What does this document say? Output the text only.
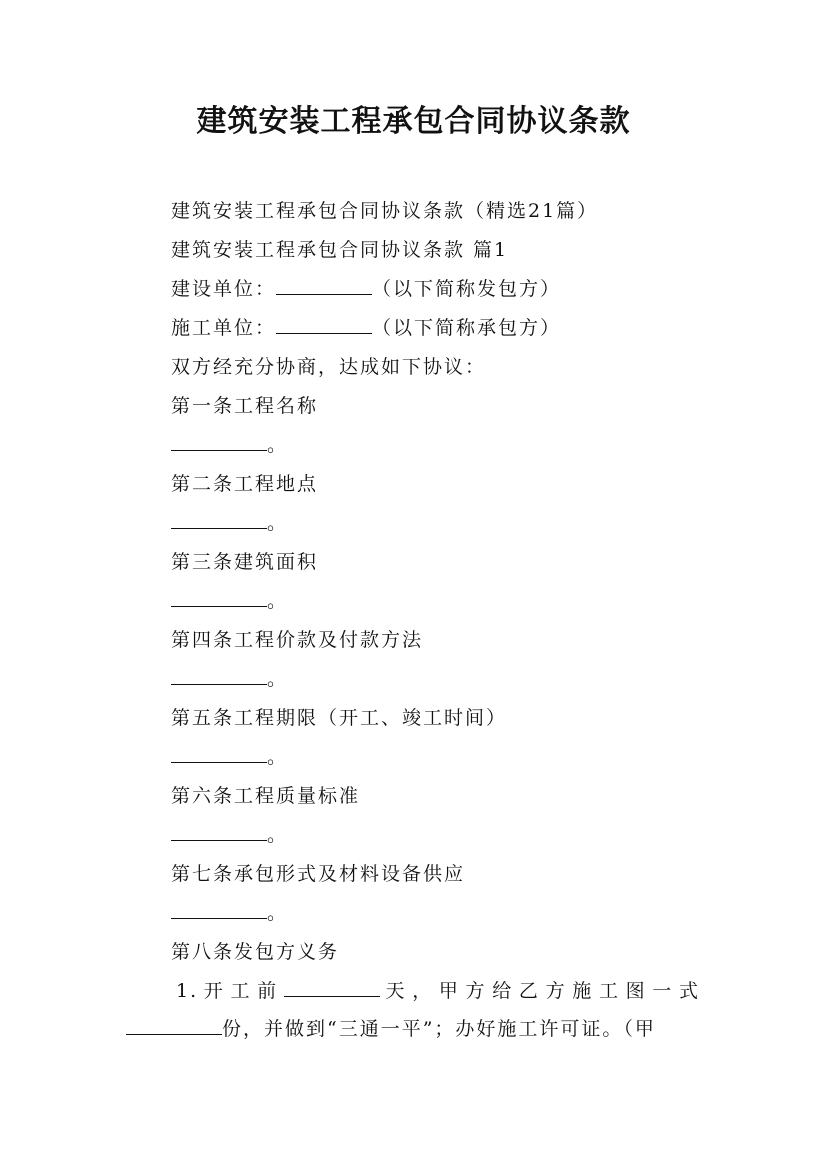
建筑安装工程承包合同协议条款
建筑安装工程承包合同协议条款（精选21篇）
建筑安装工程承包合同协议条款 篇1
建设单位：	（以下简称发包方）
施工单位：	（以下简称承包方）
双方经充分协商，达成如下协议：
第一条工程名称
。
第二条工程地点
。
第三条建筑面积
。
第四条工程价款及付款方法
。
第五条工程期限（开工、竣工时间）
。
第六条工程质量标准
。
第七条承包形式及材料设备供应
。
第八条发包方义务
1.开工前	天，甲方给乙方施工图一式
份，并做到“三通一平”；办好施工许可证。（甲
